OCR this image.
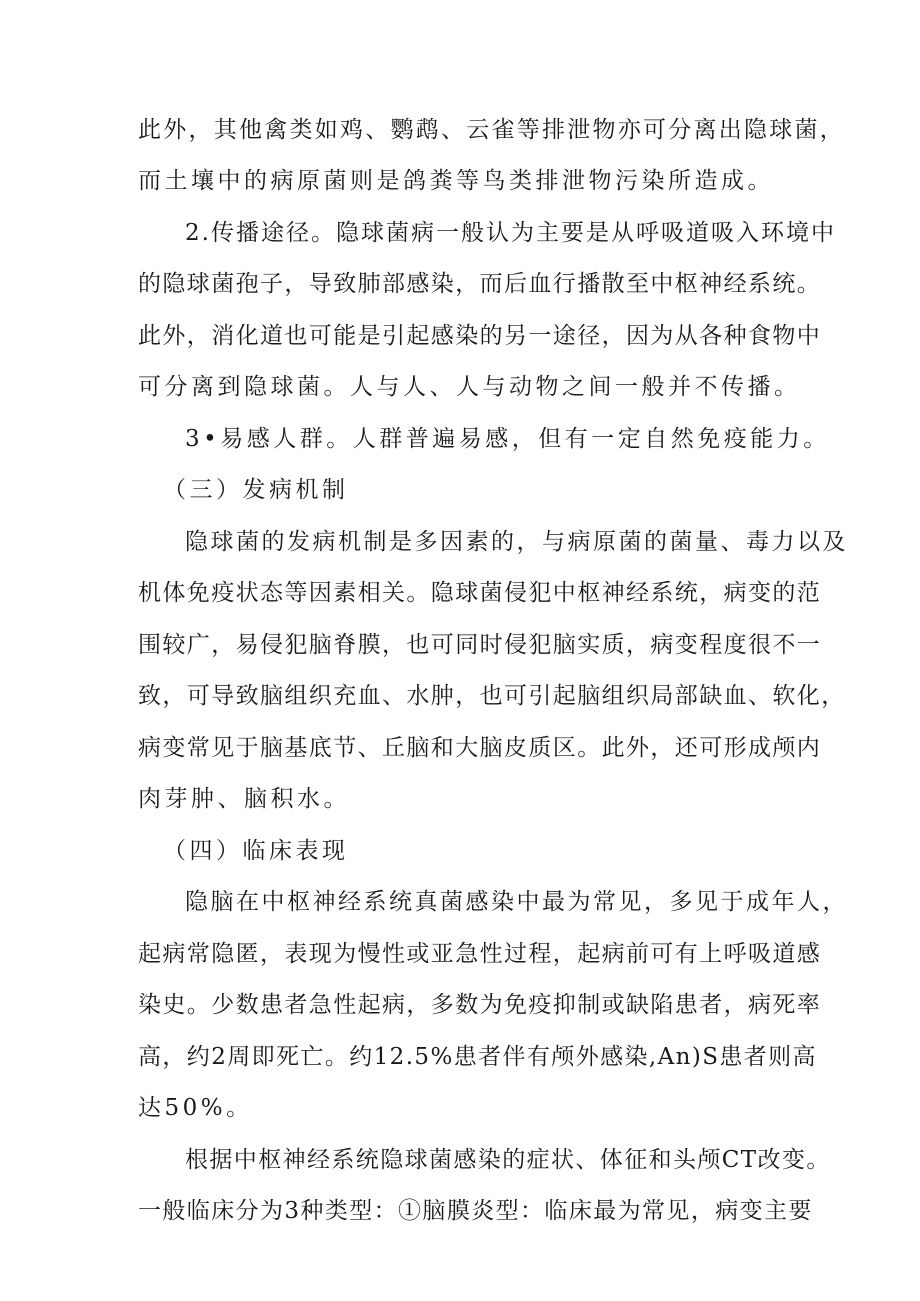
此外，其他禽类如鸡、鹦鹉、云雀等排泄物亦可分离出隐球菌，
而土壤中的病原菌则是鸽粪等鸟类排泄物污染所造成。
2.传播途径。隐球菌病一般认为主要是从呼吸道吸入环境中
的隐球菌孢子，导致肺部感染，而后血行播散至中枢神经系统。
此外，消化道也可能是引起感染的另一途径，因为从各种食物中
可分离到隐球菌。人与人、人与动物之间一般并不传播。
3•易感人群。人群普遍易感，但有一定自然免疫能力。
（三）发病机制
隐球菌的发病机制是多因素的，与病原菌的菌量、毒力以及
机体免疫状态等因素相关。隐球菌侵犯中枢神经系统，病变的范
围较广，易侵犯脑脊膜，也可同时侵犯脑实质，病变程度很不一
致，可导致脑组织充血、水肿，也可引起脑组织局部缺血、软化，
病变常见于脑基底节、丘脑和大脑皮质区。此外，还可形成颅内
肉芽肿、脑积水。
（四）临床表现
隐脑在中枢神经系统真菌感染中最为常见，多见于成年人，
起病常隐匿，表现为慢性或亚急性过程，起病前可有上呼吸道感
染史。少数患者急性起病，多数为免疫抑制或缺陷患者，病死率
高，约2周即死亡。约12.5%患者伴有颅外感染,An)S患者则高
达50%。
根据中枢神经系统隐球菌感染的症状、体征和头颅CT改变。
一般临床分为3种类型：①脑膜炎型：临床最为常见，病变主要
